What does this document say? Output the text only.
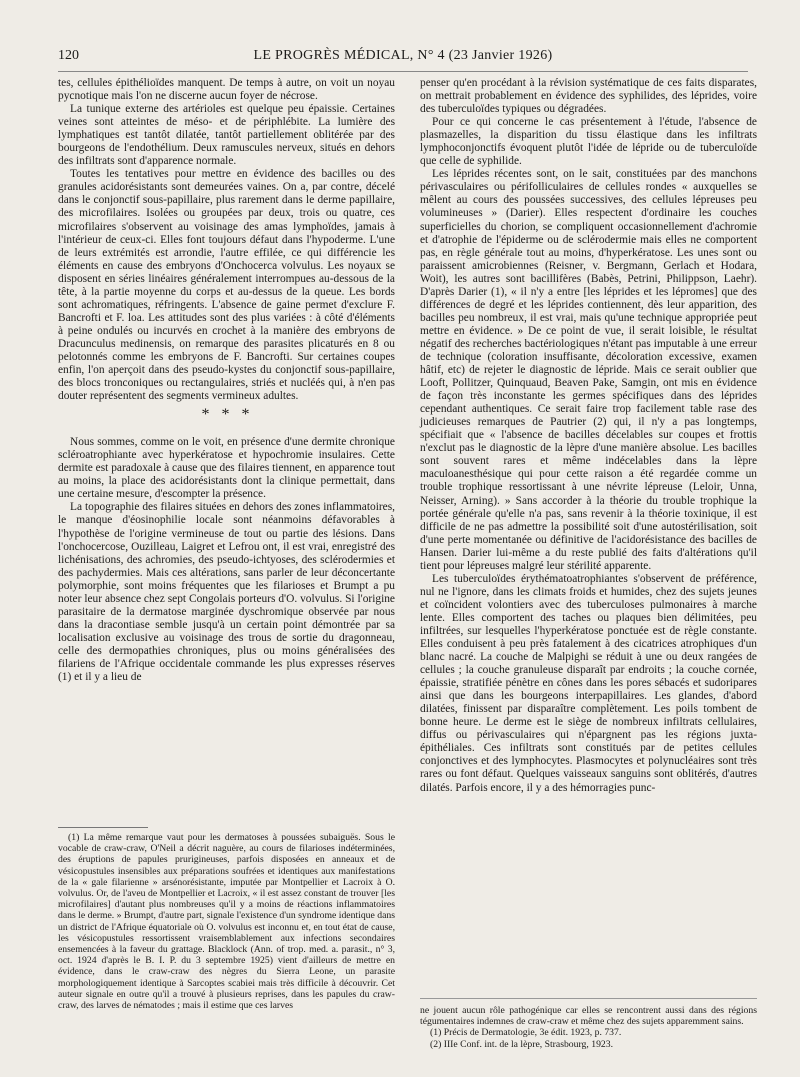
120	LE PROGRÈS MÉDICAL, N° 4 (23 Janvier 1926)

tes, cellules épithélioïdes manquent. De temps à autre, on voit un noyau pycnotique mais l'on ne discerne aucun foyer de nécrose.

La tunique externe des artérioles est quelque peu épaissie. Certaines veines sont atteintes de méso- et de périphlébite. La lumière des lymphatiques est tantôt dilatée, tantôt partiellement oblitérée par des bourgeons de l'endothélium. Deux ramuscules nerveux, situés en dehors des infiltrats sont d'apparence normale.

Toutes les tentatives pour mettre en évidence des bacilles ou des granules acidorésistants sont demeurées vaines. On a, par contre, décelé dans le conjonctif sous-papillaire, plus rarement dans le derme papillaire, des microfilaires. Isolées ou groupées par deux, trois ou quatre, ces microfilaires s'observent au voisinage des amas lymphoïdes, jamais à l'intérieur de ceux-ci. Elles font toujours défaut dans l'hypoderme. L'une de leurs extrémités est arrondie, l'autre effilée, ce qui différencie les éléments en cause des embryons d'Onchocerca volvulus. Les noyaux se disposent en séries linéaires généralement interrompues au-dessous de la tête, à la partie moyenne du corps et au-dessus de la queue. Les bords sont achromatiques, réfringents. L'absence de gaine permet d'exclure F. Bancrofti et F. loa. Les attitudes sont des plus variées : à côté d'éléments à peine ondulés ou incurvés en crochet à la manière des embryons de Dracunculus medinensis, on remarque des parasites plicaturés en 8 ou pelotonnés comme les embryons de F. Bancrofti. Sur certaines coupes enfin, l'on aperçoit dans des pseudo-kystes du conjonctif sous-papillaire, des blocs tronconiques ou rectangulaires, striés et nucléés qui, à n'en pas douter représentent des segments vermineux adultes.

* * *

Nous sommes, comme on le voit, en présence d'une dermite chronique scléroatrophiante avec hyperkératose et hypochromie insulaires. Cette dermite est paradoxale à cause que des filaires tiennent, en apparence tout au moins, la place des acidorésistants dont la clinique permettait, dans une certaine mesure, d'escompter la présence.

La topographie des filaires situées en dehors des zones inflammatoires, le manque d'éosinophilie locale sont néanmoins défavorables à l'hypothèse de l'origine vermineuse de tout ou partie des lésions. Dans l'onchocercose, Ouzilleau, Laigret et Lefrou ont, il est vrai, enregistré des lichénisations, des achromies, des pseudo-ichtyoses, des sclérodermies et des pachydermies. Mais ces altérations, sans parler de leur déconcertante polymorphie, sont moins fréquentes que les filarioses et Brumpt a pu noter leur absence chez sept Congolais porteurs d'O. volvulus. Si l'origine parasitaire de la dermatose marginée dyschromique observée par nous dans la dracontiase semble jusqu'à un certain point démontrée par sa localisation exclusive au voisinage des trous de sortie du dragonneau, celle des dermopathies chroniques, plus ou moins généralisées des filariens de l'Afrique occidentale commande les plus expresses réserves (1) et il y a lieu de

(1) La même remarque vaut pour les dermatoses à poussées subaiguës. Sous le vocable de craw-craw, O'Neil a décrit naguère, au cours de filarioses indéterminées, des éruptions de papules prurigineuses, parfois disposées en anneaux et de vésicopustules insensibles aux préparations soufrées et identiques aux manifestations de la « gale filarienne » arsénorésistante, imputée par Montpellier et Lacroix à O. volvulus. Or, de l'aveu de Montpellier et Lacroix, « il est assez constant de trouver [les microfilaires] d'autant plus nombreuses qu'il y a moins de réactions inflammatoires dans le derme. » Brumpt, d'autre part, signale l'existence d'un syndrome identique dans un district de l'Afrique équatoriale où O. volvulus est inconnu et, en tout état de cause, les vésicopustules ressortissent vraisemblablement aux infections secondaires ensemencées à la faveur du grattage. Blacklock (Ann. of trop. med. a. parasit., n° 3, oct. 1924 d'après le B. I. P. du 3 septembre 1925) vient d'ailleurs de mettre en évidence, dans le craw-craw des nègres du Sierra Leone, un parasite morphologiquement identique à Sarcoptes scabiei mais très difficile à découvrir. Cet auteur signale en outre qu'il a trouvé à plusieurs reprises, dans les papules du craw-craw, des larves de nématodes ; mais il estime que ces larves

penser qu'en procédant à la révision systématique de ces faits disparates, on mettrait probablement en évidence des syphilides, des léprides, voire des tuberculoïdes typiques ou dégradées.

Pour ce qui concerne le cas présentement à l'étude, l'absence de plasmazelles, la disparition du tissu élastique dans les infiltrats lymphoconjonctifs évoquent plutôt l'idée de lépride ou de tuberculoïde que celle de syphilide.

Les léprides récentes sont, on le sait, constituées par des manchons périvasculaires ou périfolliculaires de cellules rondes « auxquelles se mêlent au cours des poussées successives, des cellules lépreuses peu volumineuses » (Darier). Elles respectent d'ordinaire les couches superficielles du chorion, se compliquent occasionnellement d'achromie et d'atrophie de l'épiderme ou de sclérodermie mais elles ne comportent pas, en règle générale tout au moins, d'hyperkératose. Les unes sont ou paraissent amicrobiennes (Reisner, v. Bergmann, Gerlach et Hodara, Woit), les autres sont bacillifères (Babès, Petrini, Philippson, Laehr). D'après Darier (1), « il n'y a entre [les léprides et les lépromes] que des différences de degré et les léprides contiennent, dès leur apparition, des bacilles peu nombreux, il est vrai, mais qu'une technique appropriée peut mettre en évidence. » De ce point de vue, il serait loisible, le résultat négatif des recherches bactériologiques n'étant pas imputable à une erreur de technique (coloration insuffisante, décoloration excessive, examen hâtif, etc) de rejeter le diagnostic de lépride. Mais ce serait oublier que Looft, Pollitzer, Quinquaud, Beaven Pake, Samgin, ont mis en évidence de façon très inconstante les germes spécifiques dans des léprides cependant authentiques. Ce serait faire trop facilement table rase des judicieuses remarques de Pautrier (2) qui, il n'y a pas longtemps, spécifiait que « l'absence de bacilles décelables sur coupes et frottis n'exclut pas le diagnostic de la lèpre d'une manière absolue. Les bacilles sont souvent rares et même indécelables dans la lèpre maculoanesthésique qui pour cette raison a été regardée comme un trouble trophique ressortissant à une névrite lépreuse (Leloir, Unna, Neisser, Arning). » Sans accorder à la théorie du trouble trophique la portée générale qu'elle n'a pas, sans revenir à la théorie toxinique, il est difficile de ne pas admettre la possibilité soit d'une autostérilisation, soit d'une perte momentanée ou définitive de l'acidorésistance des bacilles de Hansen. Darier lui-même a du reste publié des faits d'altérations qu'il tient pour lépreuses malgré leur stérilité apparente.

Les tuberculoïdes érythématoatrophiantes s'observent de préférence, nul ne l'ignore, dans les climats froids et humides, chez des sujets jeunes et coïncident volontiers avec des tuberculoses pulmonaires à marche lente. Elles comportent des taches ou plaques bien délimitées, peu infiltrées, sur lesquelles l'hyperkératose ponctuée est de règle constante. Elles conduisent à peu près fatalement à des cicatrices atrophiques d'un blanc nacré. La couche de Malpighi se réduit à une ou deux rangées de cellules ; la couche granuleuse disparaît par endroits ; la couche cornée, épaissie, stratifiée pénètre en cônes dans les pores sébacés et sudoripares ainsi que dans les bourgeons interpapillaires. Les glandes, d'abord dilatées, finissent par disparaître complètement. Les poils tombent de bonne heure. Le derme est le siège de nombreux infiltrats cellulaires, diffus ou périvasculaires qui n'épargnent pas les régions juxta-épithéliales. Ces infiltrats sont constitués par de petites cellules conjonctives et des lymphocytes. Plasmocytes et polynucléaires sont très rares ou font défaut. Quelques vaisseaux sanguins sont oblitérés, d'autres dilatés. Parfois encore, il y a des hémorragies punc-

ne jouent aucun rôle pathogénique car elles se rencontrent aussi dans des régions tégumentaires indemnes de craw-craw et même chez des sujets apparemment sains.

(1) Précis de Dermatologie, 3e édit. 1923, p. 737.

(2) IIIe Conf. int. de la lèpre, Strasbourg, 1923.
